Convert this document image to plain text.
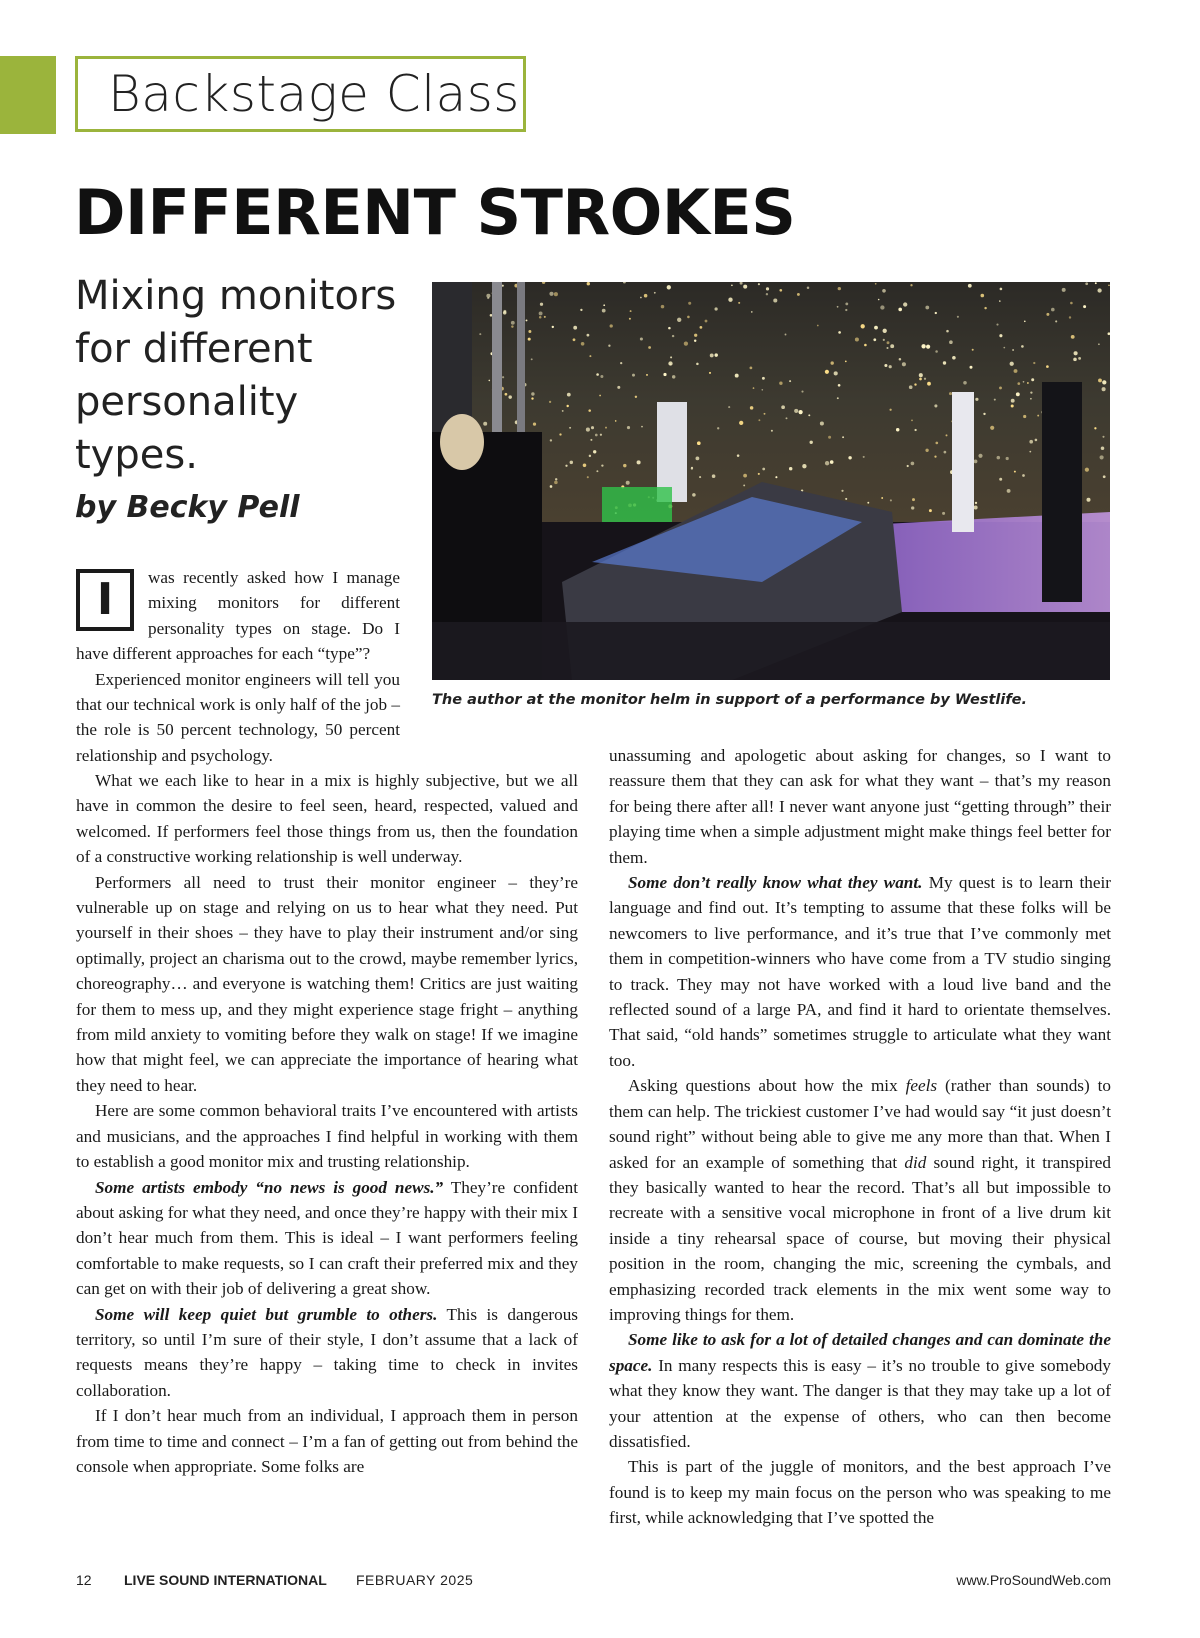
Backstage Class
DIFFERENT STROKES

Mixing monitors for different personality types.

by Becky Pell

The author at the monitor helm in support of a performance by Westlife.

I	was recently asked how I manage mixing monitors for different personality types on stage. Do I have different approaches for each “type”?

Experienced monitor engineers will tell you that our technical work is only half of the job – the role is 50 percent technology, 50 percent relationship and psychology.

What we each like to hear in a mix is highly subjective, but we all have in common the desire to feel seen, heard, respected, valued and welcomed. If performers feel those things from us, then the foundation of a constructive working relationship is well underway.

Performers all need to trust their monitor engineer – they’re vulnerable up on stage and relying on us to hear what they need. Put yourself in their shoes – they have to play their instrument and/or sing optimally, project an charisma out to the crowd, maybe remember lyrics, choreography… and everyone is watching them! Critics are just waiting for them to mess up, and they might experience stage fright – anything from mild anxiety to vomiting before they walk on stage! If we imagine how that might feel, we can appreciate the importance of hearing what they need to hear.

Here are some common behavioral traits I’ve encountered with artists and musicians, and the approaches I find helpful in working with them to establish a good monitor mix and trusting relationship.

Some artists embody “no news is good news.” They’re confident about asking for what they need, and once they’re happy with their mix I don’t hear much from them. This is ideal – I want performers feeling comfortable to make requests, so I can craft their preferred mix and they can get on with their job of delivering a great show.

Some will keep quiet but grumble to others. This is dangerous territory, so until I’m sure of their style, I don’t assume that a lack of requests means they’re happy – taking time to check in invites collaboration.

If I don’t hear much from an individual, I approach them in person from time to time and connect – I’m a fan of getting out from behind the console when appropriate. Some folks are

unassuming and apologetic about asking for changes, so I want to reassure them that they can ask for what they want – that’s my reason for being there after all! I never want anyone just “getting through” their playing time when a simple adjustment might make things feel better for them.

Some don’t really know what they want. My quest is to learn their language and find out. It’s tempting to assume that these folks will be newcomers to live performance, and it’s true that I’ve commonly met them in competition-winners who have come from a TV studio singing to track. They may not have worked with a loud live band and the reflected sound of a large PA, and find it hard to orientate themselves. That said, “old hands” sometimes struggle to articulate what they want too.

Asking questions about how the mix feels (rather than sounds) to them can help. The trickiest customer I’ve had would say “it just doesn’t sound right” without being able to give me any more than that. When I asked for an example of something that did sound right, it transpired they basically wanted to hear the record. That’s all but impossible to recreate with a sensitive vocal microphone in front of a live drum kit inside a tiny rehearsal space of course, but moving their physical position in the room, changing the mic, screening the cymbals, and emphasizing recorded track elements in the mix went some way to improving things for them.

Some like to ask for a lot of detailed changes and can dominate the space. In many respects this is easy – it’s no trouble to give somebody what they know they want. The danger is that they may take up a lot of your attention at the expense of others, who can then become dissatisfied.

This is part of the juggle of monitors, and the best approach I’ve found is to keep my main focus on the person who was speaking to me first, while acknowledging that I’ve spotted the

12 LIVE SOUND INTERNATIONAL FEBRUARY 2025	www.ProSoundWeb.com
